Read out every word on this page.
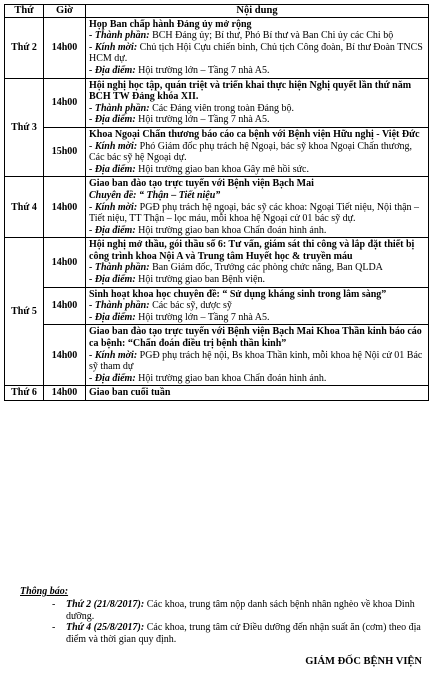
Thứ	Giờ	Nội dung
Thứ 2	14h00	Họp Ban chấp hành Đảng ủy mở rộng
- Thành phần: BCH Đảng ủy; Bí thư, Phó Bí thư và Ban Chi ủy các Chi bộ
- Kính mời: Chủ tịch Hội Cựu chiến binh, Chủ tịch Công đoàn, Bí thư Đoàn TNCS HCM dự.
- Địa điểm: Hội trường lớn – Tầng 7 nhà A5.

Thứ 3	14h00	Hội nghị học tập, quán triệt và triển khai thực hiện Nghị quyết lần thứ năm BCH TW Đảng khóa XII.
- Thành phần: Các Đảng viên trong toàn Đảng bộ.
- Địa điểm: Hội trường lớn – Tầng 7 nhà A5.

	15h00	Khoa Ngoại Chấn thương báo cáo ca bệnh với Bệnh viện Hữu nghị - Việt Đức
- Kính mời: Phó Giám đốc phụ trách hệ Ngoại, bác sỹ khoa Ngoại Chấn thương, Các bác sỹ hệ Ngoại dự.
- Địa điểm: Hội trường giao ban khoa Gây mê hồi sức.

Thứ 4	14h00	Giao ban đào tạo trực tuyến với Bệnh viện Bạch Mai
Chuyên đề: “ Thận – Tiết niệu”
- Kính mời: PGĐ phụ trách hệ ngoại, bác sỹ các khoa: Ngoại Tiết niệu, Nội thận – Tiết niệu, TT Thận – lọc máu, mỗi khoa hệ Ngoại cử 01 bác sỹ dự.
- Địa điểm: Hội trường giao ban khoa Chẩn đoán hình ảnh.

Thứ 5	14h00	Hội nghị mở thầu, gói thầu số 6: Tư vấn, giám sát thi công và lắp đặt thiết bị công trình khoa Nội A và Trung tâm Huyết học & truyền máu
- Thành phần: Ban Giám đốc, Trưởng các phòng chức năng, Ban QLDA
- Địa điểm: Hội trường giao ban Bệnh viện.

	14h00	Sinh hoạt khoa học chuyên đề: “ Sử dụng kháng sinh trong lâm sàng”
- Thành phần: Các bác sỹ, dược sỹ
- Địa điểm: Hội trường lớn – Tầng 7 nhà A5.

	14h00	Giao ban đào tạo trực tuyến với Bệnh viện Bạch Mai Khoa Thần kinh báo cáo ca bệnh: “Chẩn đoán điều trị bệnh thần kinh”
- Kính mời: PGĐ phụ trách hệ nội, Bs khoa Thần kinh, mỗi khoa hệ Nội cử 01 Bác sỹ tham dự
- Địa điểm: Hội trường giao ban khoa Chẩn đoán hình ảnh.

Thứ 6	14h00	Giao ban cuối tuần
Thông báo:
- Thứ 2 (21/8/2017): Các khoa, trung tâm nộp danh sách bệnh nhân nghèo về khoa Dinh dưỡng.
- Thứ 4 (25/8/2017): Các khoa, trung tâm cử Điều dưỡng đến nhận suất ăn (cơm) theo địa điểm và thời gian quy định.
GIÁM ĐỐC BỆNH VIỆN
